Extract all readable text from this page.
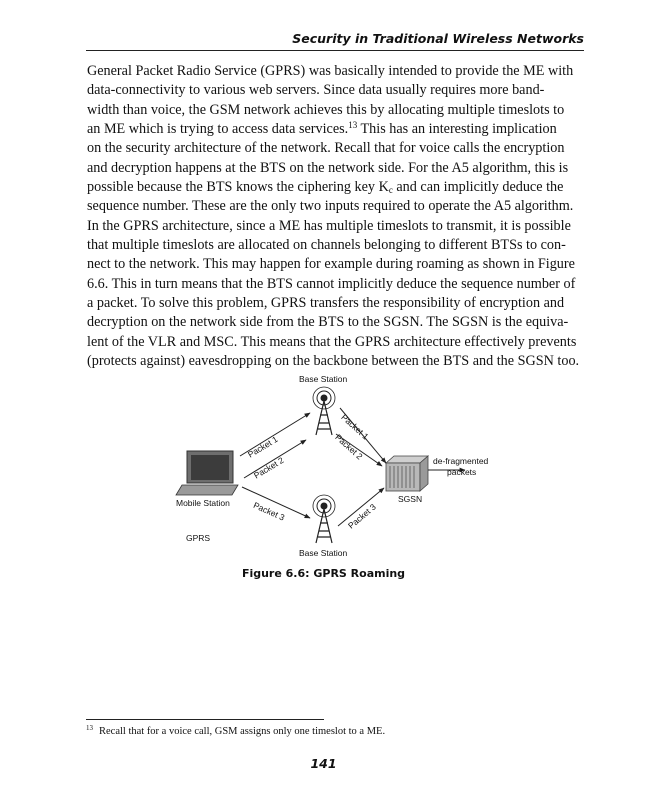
Security in Traditional Wireless Networks
General Packet Radio Service (GPRS) was basically intended to provide the ME with
data-connectivity to various web servers. Since data usually requires more band-
width than voice, the GSM network achieves this by allocating multiple timeslots to
an ME which is trying to access data services.$^{13}$ This has an interesting implication
on the security architecture of the network. Recall that for voice calls the encryption
and decryption happens at the BTS on the network side. For the A5 algorithm, this is
possible because the BTS knows the ciphering key $K_c$ and can implicitly deduce the
sequence number. These are the only two inputs required to operate the A5 algorithm.
In the GPRS architecture, since a ME has multiple timeslots to transmit, it is possible
that multiple timeslots are allocated on channels belonging to different BTSs to con-
nect to the network. This may happen for example during roaming as shown in Figure
6.6. This in turn means that the BTS cannot implicitly deduce the sequence number of
a packet. To solve this problem, GPRS transfers the responsibility of encryption and
decryption on the network side from the BTS to the SGSN. The SGSN is the equiva-
lent of the VLR and MSC. This means that the GPRS architecture effectively prevents
(protects against) eavesdropping on the backbone between the BTS and the SGSN too.
Base Station
Base Station
Packet 1
Packet 2
Packet 3
Packet 1
Packet 2
Packet 3
de-fragmented
packets
SGSN
Mobile Station
GPRS
Figure 6.6: GPRS Roaming
$^{13}$ Recall that for a voice call, GSM assigns only one timeslot to a ME.
141
